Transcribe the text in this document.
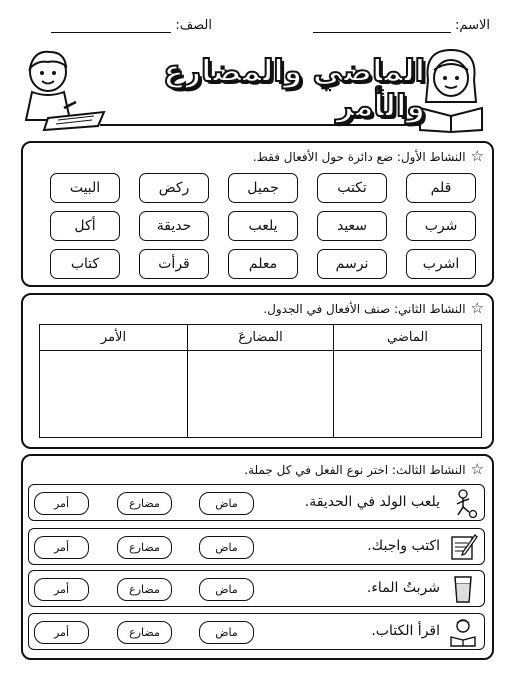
الاسم:
الصف:
الماضي والمضارع والأمر
☆
النشاط الأول: ضع دائرة حول الأفعال فقط.
قلم
تكتب
جميل
ركض
البيت
شرب
سعيد
يلعب
حديقة
أكل
اشرب
نرسم
معلم
قرأت
كتاب
☆
النشاط الثاني: صنف الأفعال في الجدول.
الماضي
المضارعَ
الأمر
☆
النشاط الثالث: اختر نوع الفعل في كل جملة.
يلعب الولد في الحديقة.
ماض
مضارع
أمر
اكتب واجبك.
ماض
مضارع
أمر
شربتُ الماء.
ماض
مضارع
أمر
اقرأ الكتاب.
ماض
مضارع
أمر
